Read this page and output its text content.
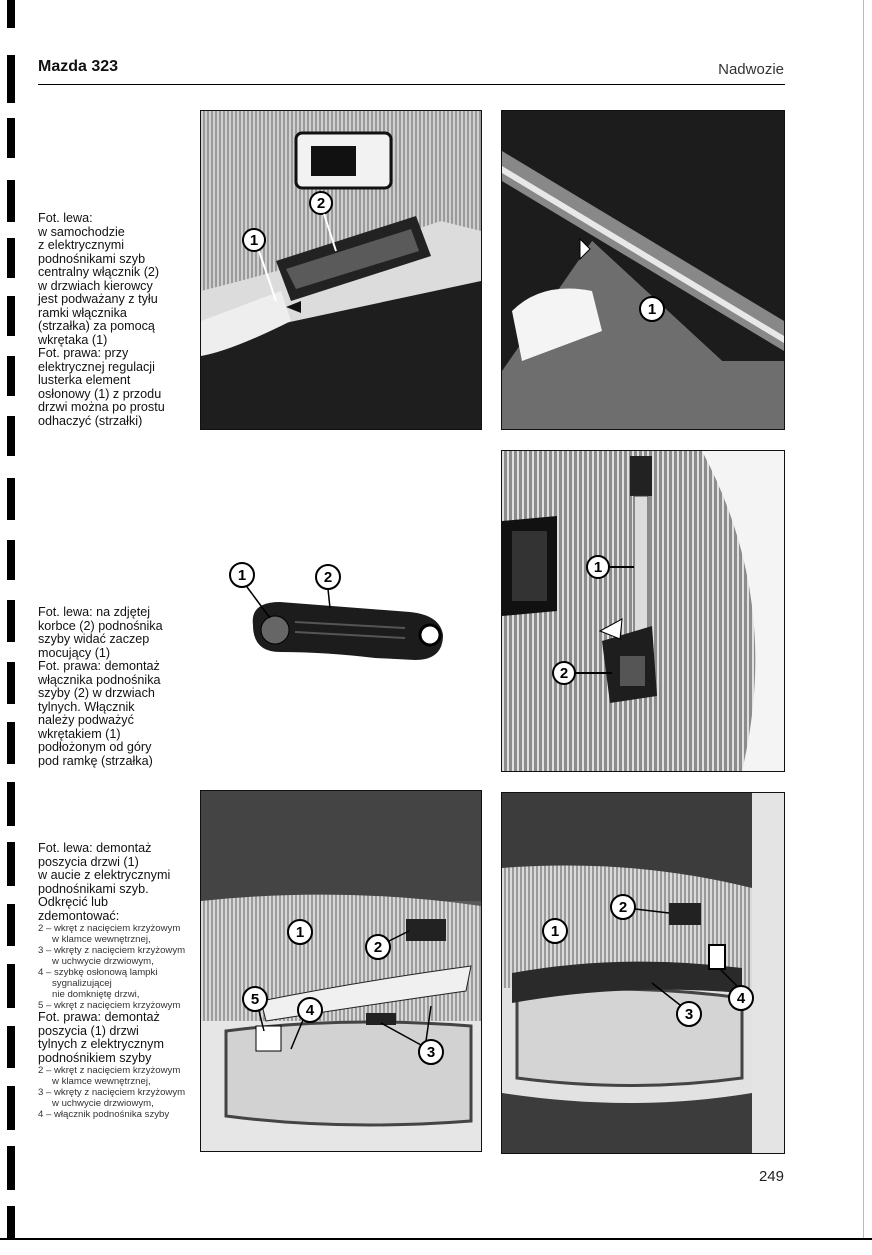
Mazda 323	Nadwozie
Fot. lewa:
w samochodzie
z elektrycznymi
podnośnikami szyb
centralny włącznik (2)
w drzwiach kierowcy
jest podważany z tyłu
ramki włącznika
(strzałka) za pomocą
wkrętaka (1)
Fot. prawa: przy
elektrycznej regulacji
lusterka element
osłonowy (1) z przodu
drzwi można po prostu
odhaczyć (strzałki)
Fot. lewa: na zdjętej
korbce (2) podnośnika
szyby widać zaczep
mocujący (1)
Fot. prawa: demontaż
włącznika podnośnika
szyby (2) w drzwiach
tylnych. Włącznik
należy podważyć
wkrętakiem (1)
podłożonym od góry
pod ramkę (strzałka)
Fot. lewa: demontaż
poszycia drzwi (1)
w aucie z elektrycznymi
podnośnikami szyb.
Odkręcić lub
zdemontować:
2 – wkręt z nacięciem krzyżowym
w klamce wewnętrznej,
3 – wkręty z nacięciem krzyżowym
w uchwycie drzwiowym,
4 – szybkę osłonową lampki
sygnalizującej
nie domkniętę drzwi,
5 – wkręt z nacięciem krzyżowym
Fot. prawa: demontaż
poszycia (1) drzwi
tylnych z elektrycznym
podnośnikiem szyby
2 – wkręt z nacięciem krzyżowym
w klamce wewnętrznej,
3 – wkręty z nacięciem krzyżowym
w uchwycie drzwiowym,
4 – włącznik podnośnika szyby
1
2
1
1	2
1
2
1
2
3
4
5
1
2
3
4
249
